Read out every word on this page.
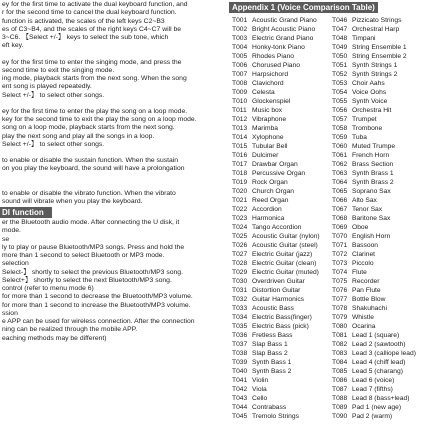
ey for the first time to activate the dual keyboard function, and
r for the second time to cancel the dual keyboard function.
function is activated, the scales of the left keys C2~B3
es of C3~B4, and the scales of the right keys C4~C7 will be
3~C6. 【Select +/-】 keys to select the sub tone, which
eft key.
ey for the first time to enter the singing mode, and press the
second time to exit the singing mode.
ing mode, playback starts from the next song. When the song
ent song is played repeatedly.
Select +/-】 to select other songs.
ey for the first time to enter the play the song on a loop mode.
key for the second time to exit the play the song on a loop mode.
song on a loop mode, playback starts from the next song.
play the next song and play all the songs in a loop.
Select +/-】 to select other songs.
to enable or disable the sustain function. When the sustain
on you play the keyboard, the sound will have a prolongation
to enable or disable the vibrato function. When the vibrato
sound will vibrate when you play the keyboard.
DI function
er the Bluetooth audio mode. After connecting the U disk, it
mode.
se
ly to play or pause Bluetooth/MP3 songs. Press and hold the
more than 1 second to select Bluetooth or MP3 mode.
selection
Select-】 shortly to select the previous Bluetooth/MP3 song.
Select+】 shortly to select the next Bluetooth/MP3 song.
control (refer to menu mode 6)
for more than 1 second to decrease the Bluetooth/MP3 volume.
for more than 1 second to increase the Bluetooth/MP3 volume.
ssion
e APP can be used for wireless connection. After the connection
ning can be realized through the mobile APP.
eaching methods may be different)
Appendix 1 (Voice Comparison Table)
T001 Acoustic Grand Piano
T002 Bright Acoustic Piano
T003 Electric Grand Piano
T004 Honky-tonk Piano
T005 Rhodes Piano
T006 Chorused Piano
T007 Harpsichord
T008 Clavichord
T009 Celesta
T010 Glockenspiel
T011 Music box
T012 Vibraphone
T013 Marimba
T014 Xylophone
T015 Tubular Bell
T016 Dulcimer
T017 Drawbar Organ
T018 Percussive Organ
T019 Rock Organ
T020 Church Organ
T021 Reed Organ
T022 Accordion
T023 Harmonica
T024 Tango Accordion
T025 Acoustic Guitar (nylon)
T026 Acoustic Guitar (steel)
T027 Electric Guitar (jazz)
T028 Electric Guitar (clean)
T029 Electric Guitar (muted)
T030 Overdriven Guitar
T031 Distortion Guitar
T032 Guitar Harmonics
T033 Acoustic Bass
T034 Electric Bass(finger)
T035 Electric Bass (pick)
T036 Fretless Bass
T037 Slap Bass 1
T038 Slap Bass 2
T039 Synth Bass 1
T040 Synth Bass 2
T041 Violin
T042 Viola
T043 Cello
T044 Contrabass
T045 Tremolo Strings
T046 Pizzicato Strings
T047 Orchestral Harp
T048 Timpani
T049 String Ensemble 1
T050 String Ensemble 2
T051 Synth Strings 1
T052 Synth Strings 2
T053 Choir Aahs
T054 Voice Oohs
T055 Synth Voice
T056 Orchestra Hit
T057 Trumpet
T058 Trombone
T059 Tuba
T060 Muted Trumpe
T061 French Horn
T062 Brass Section
T063 Synth Brass 1
T064 Synth Brass 2
T065 Soprano Sax
T066 Alto Sax
T067 Tenor Sax
T068 Baritone Sax
T069 Oboe
T070 English Horn
T071 Bassoon
T072 Clarinet
T073 Piccolo
T074 Flute
T075 Recorder
T076 Pan Flute
T077 Bottle Blow
T078 Shakuhachi
T079 Whistle
T080 Ocarina
T081 Lead 1 (square)
T082 Lead 2 (sawtooth)
T083 Lead 3 (calliope lead)
T084 Lead 4 (chiff lead)
T085 Lead 5 (charang)
T086 Lead 6 (voice)
T087 Lead 7 (fifths)
T088 Lead 8 (bass+lead)
T089 Pad 1 (new age)
T090 Pad 2 (warm)
